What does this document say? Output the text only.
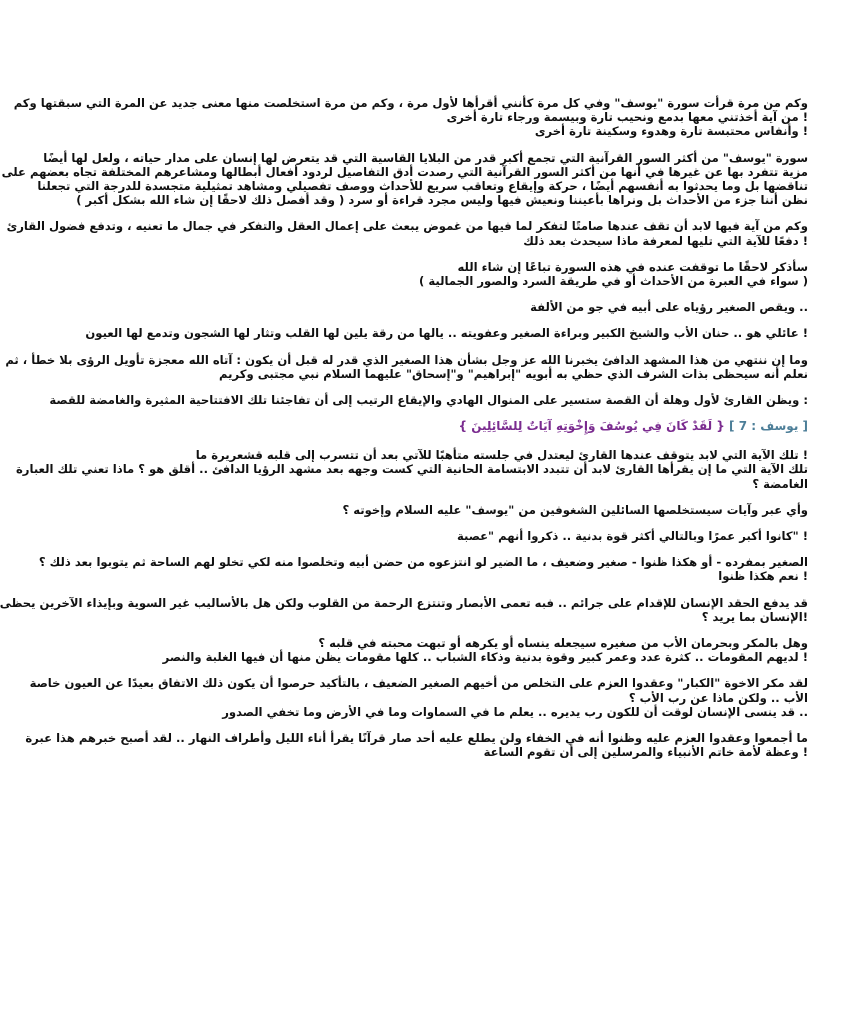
وكم من مرة قرأت سورة "يوسف" وفي كل مرة كأنني أقرأها لأول مرة ، وكم من مرة استخلصت منها معنى جديد عن المرة التي سبقتها وكم
! من آية أخذتني معها بدمع ونحيب تارة وبيسمة ورجاء تارة أخرى
! وأنفاس محتبسة تارة وهدوء وسكينة تارة أخرى
سورة "يوسف" من أكثر السور القرآنية التي تجمع أكبر قدر من البلايا القاسية التي قد يتعرض لها إنسان على مدار حياته ، ولعل لها أيضًا
مزية تتفرد بها عن غيرها في أنها من أكثر السور القرآنية التي رصدت أدق التفاصيل لردود أفعال أبطالها ومشاعرهم المختلفة تجاه بعضهم على
تناقضها بل وما يحدثوا به أنفسهم أيضًا ، حركة وإيقاع وتعاقب سريع للأحداث ووصف تفصيلي ومشاهد تمثيلية متجسدة للدرجة التي تجعلنا
نظن أننا جزء من الأحداث بل ونراها بأعيننا ونعيش فيها وليس مجرد قراءة أو سرد ( وقد أفصل ذلك لاحقًا إن شاء الله بشكل أكبر )
وكم من آية فيها لابد أن تقف عندها صامتًا لتفكر لما فيها من غموض يبعث على إعمال العقل والتفكر في جمال ما تعنيه ، وتدفع فضول القارئ
! دفعًا للآية التي تليها لمعرفة ماذا سيحدث بعد ذلك
سأذكر لاحقًا ما توقفت عنده في هذه السورة تباعًا إن شاء الله
( سواء في العبرة من الأحداث أو في طريقة السرد والصور الجمالية )
.. ويقص الصغير رؤياه على أبيه في جو من الألفة
! عائلي هو .. حنان الأب والشيخ الكبير وبراءة الصغير وعفويته .. يالها من رقة يلين لها القلب وتثار لها الشجون وتدمع لها العيون
وما إن ننتهي من هذا المشهد الدافئ يخبرنا الله عز وجل بشأن هذا الصغير الذي قدر له قبل أن يكون : آتاه الله معجزة تأويل الرؤى بلا خطأ ، ثم
نعلم أنه سيحظى بذات الشرف الذي حظي به أبويه "إبراهيم" و"إسحاق" عليهما السلام نبي مجتبى وكريم
: ويظن القارئ لأول وهلة أن القصة ستسير على المنوال الهادي والإيقاع الرتيب إلى أن تفاجئنا تلك الافتتاحية المثيرة والغامضة للقصة
[ يوسف : 7 ] { لَقَدْ كَانَ فِي يُوسُفَ وَإِخْوَتِهِ آيَاتٌ لِلسَّائِلِينَ }
! تلك الآية التي لابد يتوقف عندها القارئ ليعتدل في جلسته متأهبًا للآتي بعد أن تتسرب إلى قلبه قشعريرة ما
تلك الآية التي ما إن يقرأها القارئ لابد أن تتبدد الابتسامة الحانية التي كست وجهه بعد مشهد الرؤيا الدافئ .. أقلق هو ؟ ماذا تعني تلك العبارة
الغامضة ؟
وأي عبر وآيات سيستخلصها السائلين الشغوفين من "يوسف" عليه السلام وإخوته ؟
! "كانوا أكبر عمرًا وبالتالي أكثر قوة بدنية .. ذكروا أنهم "عصبة
الصغير بمفرده - أو هكذا ظنوا - صغير وضعيف ، ما الضير لو انتزعوه من حضن أبيه وتخلصوا منه لكي تخلو لهم الساحة ثم يتوبوا بعد ذلك ؟
! نعم هكذا ظنوا
قد يدفع الحقد الإنسان للإقدام على جرائم .. فبه تعمى الأبصار وتنتزع الرحمة من القلوب ولكن هل بالأساليب غير السوية وبإيذاء الآخرين يحظى
!الإنسان بما يريد ؟
وهل بالمكر وبحرمان الأب من صغيره سيجعله ينساه أو يكرهه أو تبهت محبته في قلبه ؟
! لديهم المقومات .. كثرة عدد وعمر كبير وقوة بدنية وذكاء الشباب .. كلها مقومات يظن منها أن فيها الغلبة والنصر
لقد مكر الاخوة "الكبار" وعقدوا العزم على التخلص من أخيهم الصغير الضعيف ، بالتأكيد حرصوا أن يكون ذلك الاتفاق بعيدًا عن العيون خاصة
الأب .. ولكن ماذا عن رب الأب ؟
.. قد ينسى الإنسان لوقت أن للكون رب يديره .. يعلم ما في السماوات وما في الأرض وما تخفي الصدور
ما أجمعوا وعقدوا العزم عليه وظنوا أنه في الخفاء ولن يطلع عليه أحد صار قرآنًا يقرأ أناء الليل وأطراف النهار .. لقد أصبح خبرهم هذا عبرة
! وعظة لأمة خاتم الأنبياء والمرسلين إلى أن تقوم الساعة
